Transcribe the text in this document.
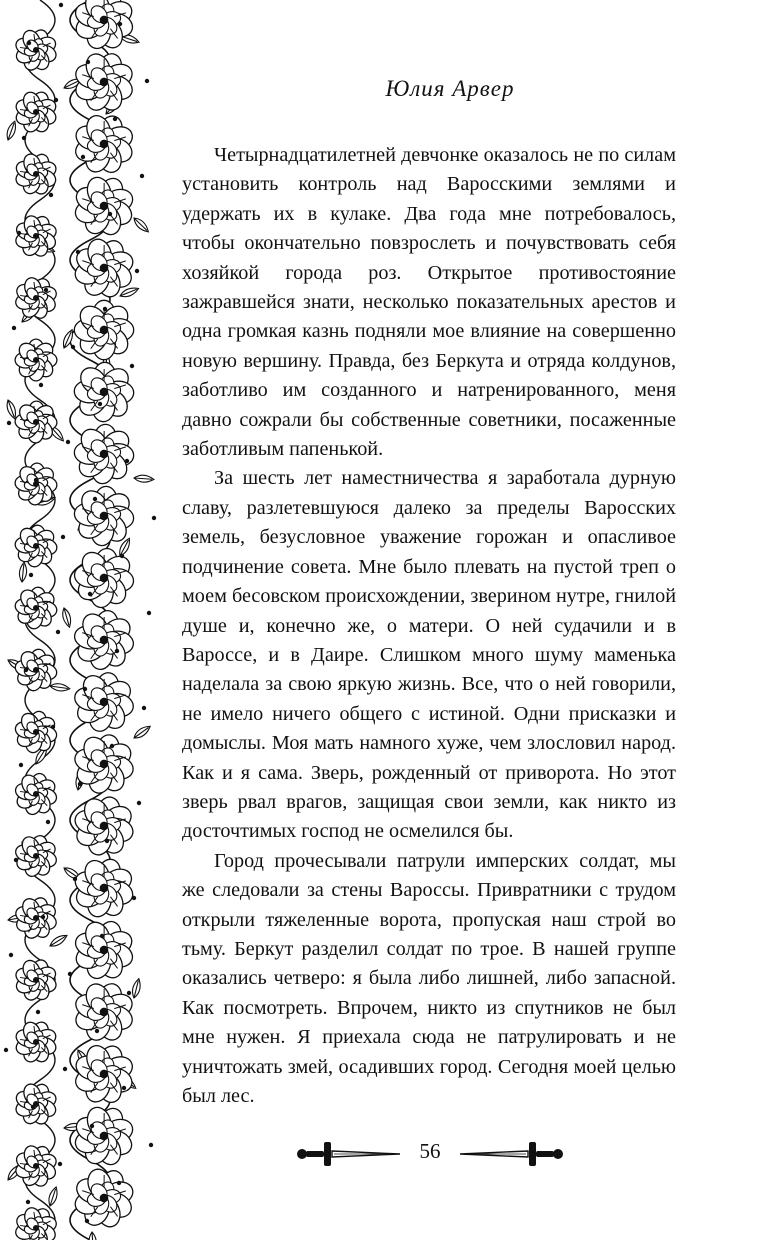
Юлия Арвер

Четырнадцатилетней девчонке оказалось не по силам установить контроль над Варосскими землями и удержать их в кулаке. Два года мне потребовалось, чтобы окончательно повзрослеть и почувствовать себя хозяйкой города роз. Открытое противостояние зажравшейся знати, несколько показательных арестов и одна громкая казнь подняли мое влияние на совершенно новую вершину. Правда, без Беркута и отряда колдунов, заботливо им созданного и натренированного, меня давно сожрали бы собственные советники, посаженные заботливым папенькой.

За шесть лет наместничества я заработала дурную славу, разлетевшуюся далеко за пределы Варосских земель, безусловное уважение горожан и опасливое подчинение совета. Мне было плевать на пустой треп о моем бесовском происхождении, зверином нутре, гнилой душе и, конечно же, о матери. О ней судачили и в Вароссе, и в Даире. Слишком много шуму маменька наделала за свою яркую жизнь. Все, что о ней говорили, не имело ничего общего с истиной. Одни присказки и домыслы. Моя мать намного хуже, чем злословил народ. Как и я сама. Зверь, рожденный от приворота. Но этот зверь рвал врагов, защищая свои земли, как никто из досточтимых господ не осмелился бы.

Город прочесывали патрули имперских солдат, мы же следовали за стены Вароссы. Привратники с трудом открыли тяжеленные ворота, пропуская наш строй во тьму. Беркут разделил солдат по трое. В нашей группе оказались четверо: я была либо лишней, либо запасной. Как посмотреть. Впрочем, никто из спутников не был мне нужен. Я приехала сюда не патрулировать и не уничтожать змей, осадивших город. Сегодня моей целью был лес.

56
